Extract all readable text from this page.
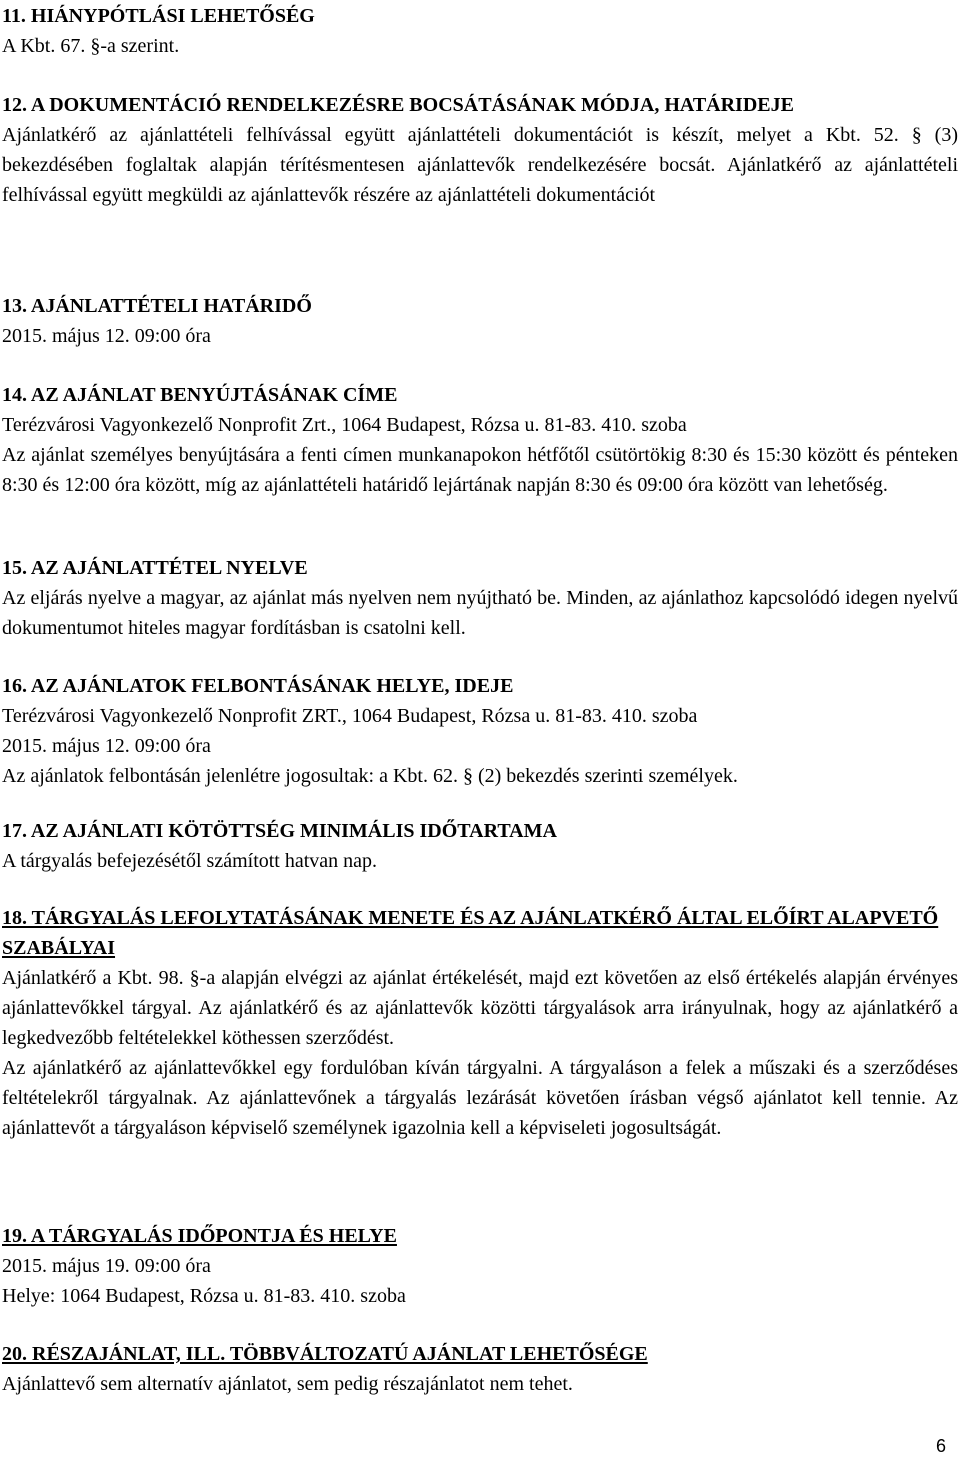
11. HIÁNYPÓTLÁSI LEHETŐSÉG
A Kbt. 67. §-a szerint.
12. A DOKUMENTÁCIÓ RENDELKEZÉSRE BOCSÁTÁSÁNAK MÓDJA, HATÁRIDEJE
Ajánlatkérő az ajánlattételi felhívással együtt ajánlattételi dokumentációt is készít, melyet a Kbt. 52. § (3) bekezdésében foglaltak alapján térítésmentesen ajánlattevők rendelkezésére bocsát. Ajánlatkérő az ajánlattételi felhívással együtt megküldi az ajánlattevők részére az ajánlattételi dokumentációt
13. AJÁNLATTÉTELI HATÁRIDŐ
2015. május 12. 09:00 óra
14. AZ AJÁNLAT BENYÚJTÁSÁNAK CÍME
Terézvárosi Vagyonkezelő Nonprofit Zrt., 1064 Budapest, Rózsa u. 81-83. 410. szoba
Az ajánlat személyes benyújtására a fenti címen munkanapokon hétfőtől csütörtökig 8:30 és 15:30 között és pénteken 8:30 és 12:00 óra között, míg az ajánlattételi határidő lejártának napján 8:30 és 09:00 óra között van lehetőség.
15. AZ AJÁNLATTÉTEL NYELVE
Az eljárás nyelve a magyar, az ajánlat más nyelven nem nyújtható be. Minden, az ajánlathoz kapcsolódó idegen nyelvű dokumentumot hiteles magyar fordításban is csatolni kell.
16. AZ AJÁNLATOK FELBONTÁSÁNAK HELYE, IDEJE
Terézvárosi Vagyonkezelő Nonprofit ZRT., 1064 Budapest, Rózsa u. 81-83. 410. szoba
2015. május 12. 09:00 óra
Az ajánlatok felbontásán jelenlétre jogosultak: a Kbt. 62. § (2) bekezdés szerinti személyek.
17. AZ AJÁNLATI KÖTÖTTSÉG MINIMÁLIS IDŐTARTAMA
A tárgyalás befejezésétől számított hatvan nap.
18. TÁRGYALÁS LEFOLYTATÁSÁNAK MENETE ÉS AZ AJÁNLATKÉRŐ ÁLTAL ELŐÍRT ALAPVETŐ SZABÁLYAI
Ajánlatkérő a Kbt. 98. §-a alapján elvégzi az ajánlat értékelését, majd ezt követően az első értékelés alapján érvényes ajánlattevőkkel tárgyal. Az ajánlatkérő és az ajánlattevők közötti tárgyalások arra irányulnak, hogy az ajánlatkérő a legkedvezőbb feltételekkel köthessen szerződést.
Az ajánlatkérő az ajánlattevőkkel egy fordulóban kíván tárgyalni. A tárgyaláson a felek a műszaki és a szerződéses feltételekről tárgyalnak. Az ajánlattevőnek a tárgyalás lezárását követően írásban végső ajánlatot kell tennie. Az ajánlattevőt a tárgyaláson képviselő személynek igazolnia kell a képviseleti jogosultságát.
19. A TÁRGYALÁS IDŐPONTJA ÉS HELYE
2015. május 19. 09:00 óra
Helye: 1064 Budapest, Rózsa u. 81-83. 410. szoba
20. RÉSZAJÁNLAT, ILL. TÖBBVÁLTOZATÚ AJÁNLAT LEHETŐSÉGE
Ajánlattevő sem alternatív ajánlatot, sem pedig részajánlatot nem tehet.
6
